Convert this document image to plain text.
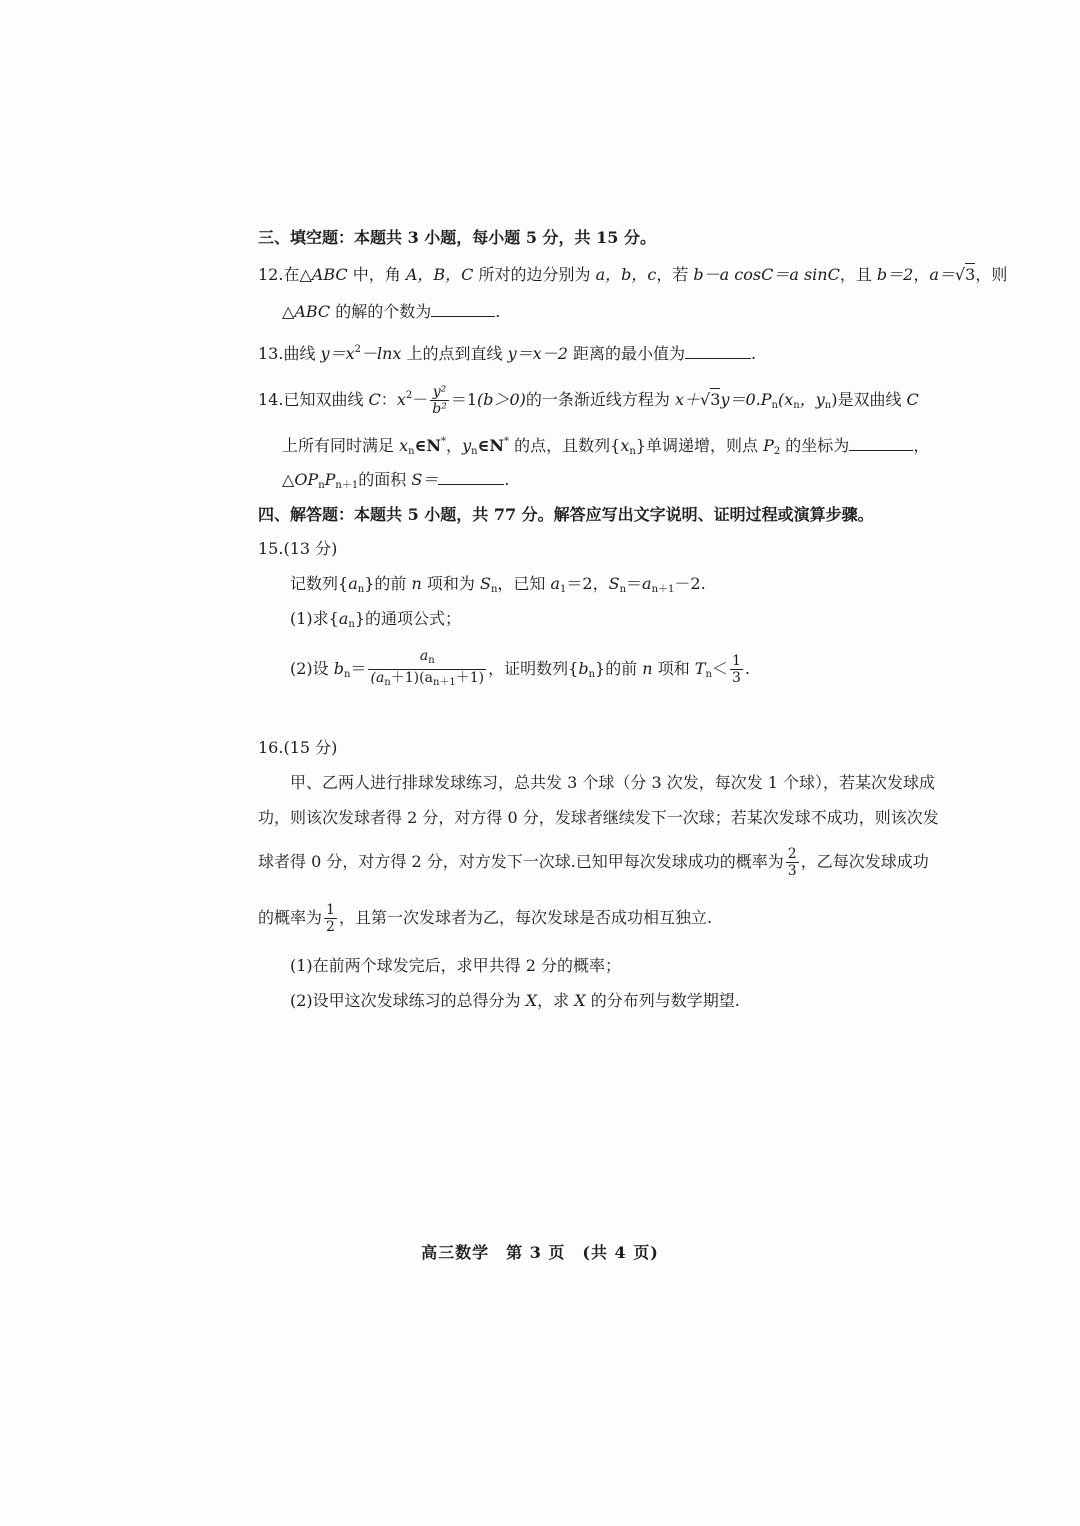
三、填空题：本题共 3 小题，每小题 5 分，共 15 分。
12.在△ABC 中，角 A，B，C 所对的边分别为 a，b，c，若 b－a cosC＝a sinC，且 b＝2，a＝√3，则
△ABC 的解的个数为	.
13.曲线 $y=x^2-\ln x$ 上的点到直线 y＝x－2 距离的最小值为	.
14.已知双曲线 C：$x^2- \frac{\text{y²}}{\text{b²}} =1(b>0)$的一条渐近线方程为 $x+√3y=0.P_n(x_n$，$y_n$)是双曲线 C
上所有同时满足 $x_n\in N^*$，$y_n\in N^*$ 的点，且数列$\{x_n\}$单调递增，则点 $P_2$ 的坐标为	，
$\triangle OP_nP_{n+1}$的面积 S＝	.
四、解答题：本题共 5 小题，共 77 分。解答应写出文字说明、证明过程或演算步骤。
15.(13 分)
记数列$\{a_n\}$的前 n 项和为 $S_n$，已知 $a_1=2$，$S_n=a_{n+1}-2$.
(1)求$\{a_n\}$的通项公式；
(2)设 $b_n= \frac{a_n}{(a_n+1)(a_{n+1}+1)}$ ，证明数列$\{b_n\}$的前 n 项和 $T_n< \frac{1}{3}$ .
16.(15 分)
甲、乙两人进行排球发球练习，总共发 3 个球（分 3 次发，每次发 1 个球），若某次发球成
功，则该次发球者得 2 分，对方得 0 分，发球者继续发下一次球；若某次发球不成功，则该次发
球者得 0 分，对方得 2 分，对方发下一次球.已知甲每次发球成功的概率为 $\frac{2}{3}$ ，乙每次发球成功
的概率为 $\frac{1}{2}$ ，且第一次发球者为乙，每次发球是否成功相互独立.
(1)在前两个球发完后，求甲共得 2 分的概率；
(2)设甲这次发球练习的总得分为 X，求 X 的分布列与数学期望.
高三数学　第 3 页　(共 4 页)
